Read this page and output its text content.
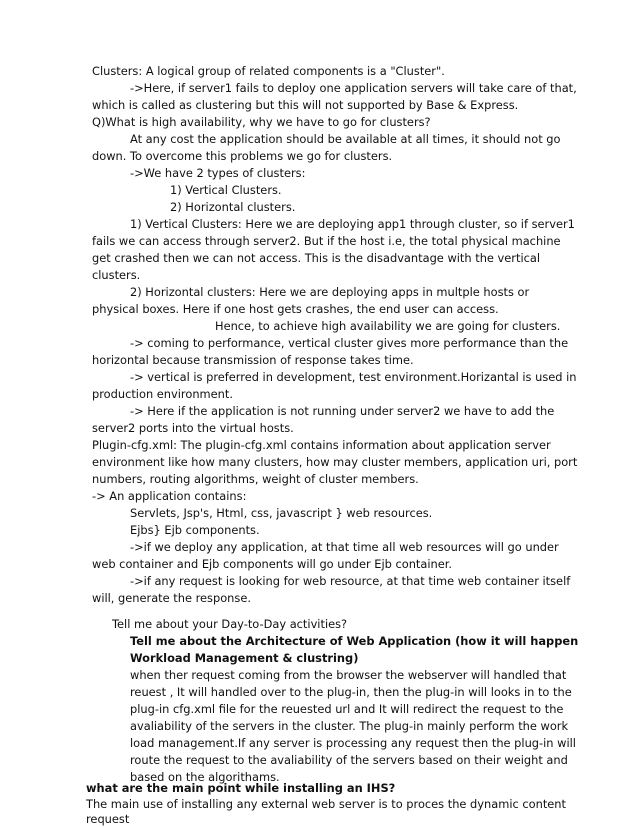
Clusters: A logical group of related components is a "Cluster".
->Here, if server1 fails to deploy one application servers will take care of that,
which is called as clustering but this will not supported by Base & Express.
Q)What is high availability, why we have to go for clusters?
At any cost the application should be available at all times, it should not go
down. To overcome this problems we go for clusters.
->We have 2 types of clusters:
1) Vertical Clusters.
2) Horizontal clusters.
1) Vertical Clusters: Here we are deploying app1 through cluster, so if server1
fails we can access through server2. But if the host i.e, the total physical machine
get crashed then we can not access. This is the disadvantage with the vertical
clusters.
2) Horizontal clusters: Here we are deploying apps in multple hosts or
physical boxes. Here if one host gets crashes, the end user can access.
Hence, to achieve high availability we are going for clusters.
-> coming to performance, vertical cluster gives more performance than the
horizontal because transmission of response takes time.
-> vertical is preferred in development, test environment.Horizantal is used in
production environment.
-> Here if the application is not running under server2 we have to add the
server2 ports into the virtual hosts.
Plugin-cfg.xml: The plugin-cfg.xml contains information about application server
environment like how many clusters, how may cluster members, application uri, port
numbers, routing algorithms, weight of cluster members.
-> An application contains:
Servlets, Jsp's, Html, css, javascript } web resources.
Ejbs} Ejb components.
->if we deploy any application, at that time all web resources will go under
web container and Ejb components will go under Ejb container.
->if any request is looking for web resource, at that time web container itself
will, generate the response.
Tell me about your Day-to-Day activities?
Tell me about the Architecture of Web Application (how it will happen
Workload Management & clustring)
when ther request coming from the browser the webserver will handled that
reuest , It will handled over to the plug-in, then the plug-in will looks in to the
plug-in cfg.xml file for the reuested url and It will redirect the request to the
avaliability of the servers in the cluster. The plug-in mainly perform the work
load management.If any server is processing any request then the plug-in will
route the request to the avaliability of the servers based on their weight and
based on the algorithams.
what are the main point while installing an IHS?
The main use of installing any external web server is to proces the dynamic content
request
